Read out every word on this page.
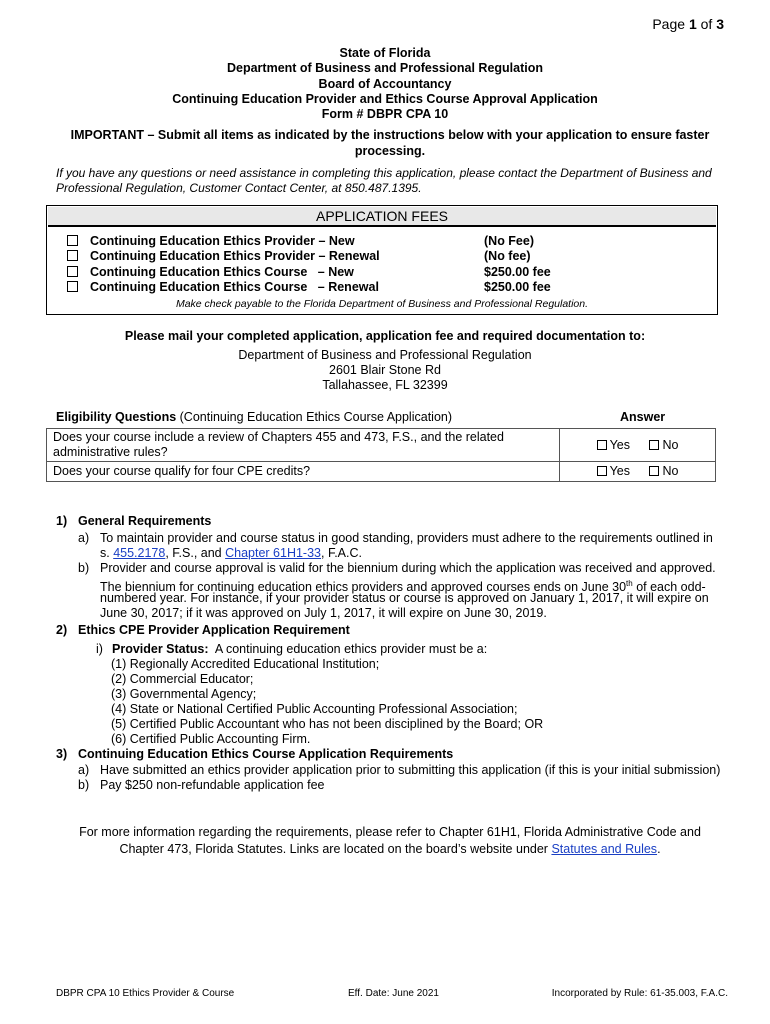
Page 1 of 3
State of Florida
Department of Business and Professional Regulation
Board of Accountancy
Continuing Education Provider and Ethics Course Approval Application
Form # DBPR CPA 10
IMPORTANT – Submit all items as indicated by the instructions below with your application to ensure faster processing.
If you have any questions or need assistance in completing this application, please contact the Department of Business and Professional Regulation, Customer Contact Center, at 850.487.1395.
APPLICATION FEES
Continuing Education Ethics Provider – New	(No Fee)
Continuing Education Ethics Provider – Renewal	(No fee)
Continuing Education Ethics Course   – New	$250.00 fee
Continuing Education Ethics Course   – Renewal	$250.00 fee
Make check payable to the Florida Department of Business and Professional Regulation.
Please mail your completed application, application fee and required documentation to:
Department of Business and Professional Regulation
2601 Blair Stone Rd
Tallahassee, FL 32399
Eligibility Questions (Continuing Education Ethics Course Application)	Answer
Does your course include a review of Chapters 455 and 473, F.S., and the related administrative rules?	Yes
No

Does your course qualify for four CPE credits?	Yes
No
1) General Requirements
a) To maintain provider and course status in good standing, providers must adhere to the requirements outlined in
s. 455.2178, F.S., and Chapter 61H1-33, F.A.C.
b) Provider and course approval is valid for the biennium during which the application was received and approved.
The biennium for continuing education ethics providers and approved courses ends on June 30th of each odd-
numbered year. For instance, if your provider status or course is approved on January 1, 2017, it will expire on
June 30, 2017; if it was approved on July 1, 2017, it will expire on June 30, 2019.
2) Ethics CPE Provider Application Requirement
i) Provider Status:  A continuing education ethics provider must be a:
(1) Regionally Accredited Educational Institution;
(2) Commercial Educator;
(3) Governmental Agency;
(4) State or National Certified Public Accounting Professional Association;
(5) Certified Public Accountant who has not been disciplined by the Board; OR
(6) Certified Public Accounting Firm.
3) Continuing Education Ethics Course Application Requirements
a) Have submitted an ethics provider application prior to submitting this application (if this is your initial submission)
b) Pay $250 non-refundable application fee
For more information regarding the requirements, please refer to Chapter 61H1, Florida Administrative Code and Chapter 473, Florida Statutes. Links are located on the board’s website under Statutes and Rules.
DBPR CPA 10 Ethics Provider & Course	Eff. Date: June 2021	Incorporated by Rule: 61-35.003, F.A.C.
